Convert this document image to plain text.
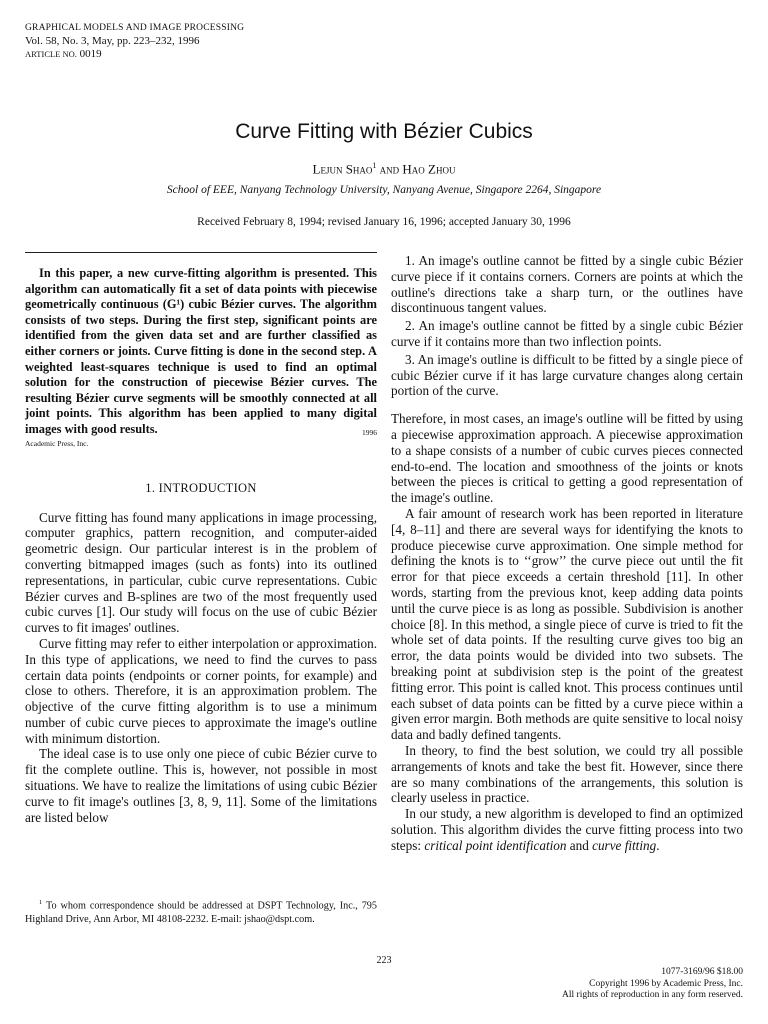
GRAPHICAL MODELS AND IMAGE PROCESSING
Vol. 58, No. 3, May, pp. 223–232, 1996
ARTICLE NO. 0019
Curve Fitting with Bézier Cubics
Lejun Shao$^1$ and Hao Zhou
School of EEE, Nanyang Technology University, Nanyang Avenue, Singapore 2264, Singapore
Received February 8, 1994; revised January 16, 1996; accepted January 30, 1996
In this paper, a new curve-fitting algorithm is presented. This algorithm can automatically fit a set of data points with piecewise geometrically continuous (G¹) cubic Bézier curves. The algorithm consists of two steps. During the first step, significant points are identified from the given data set and are further classified as either corners or joints. Curve fitting is done in the second step. A weighted least-squares technique is used to find an optimal solution for the construction of piecewise Bézier curves. The resulting Bézier curve segments will be smoothly connected at all joint points. This algorithm has been applied to many digital images with good results.	1996
Academic Press, Inc.
1. INTRODUCTION

Curve fitting has found many applications in image processing, computer graphics, pattern recognition, and computer-aided geometric design. Our particular interest is in the problem of converting bitmapped images (such as fonts) into its outlined representations, in particular, cubic curve representations. Cubic Bézier curves and B-splines are two of the most frequently used cubic curves [1]. Our study will focus on the use of cubic Bézier curves to fit images' outlines.

Curve fitting may refer to either interpolation or approximation. In this type of applications, we need to find the curves to pass certain data points (endpoints or corner points, for example) and close to others. Therefore, it is an approximation problem. The objective of the curve fitting algorithm is to use a minimum number of cubic curve pieces to approximate the image's outline with minimum distortion.

The ideal case is to use only one piece of cubic Bézier curve to fit the complete outline. This is, however, not possible in most situations. We have to realize the limitations of using cubic Bézier curve to fit image's outlines [3, 8, 9, 11]. Some of the limitations are listed below

$^1$ To whom correspondence should be addressed at DSPT Technology, Inc., 795 Highland Drive, Ann Arbor, MI 48108-2232. E-mail: jshao@dspt.com.

1. An image's outline cannot be fitted by a single cubic Bézier curve piece if it contains corners. Corners are points at which the outline's directions take a sharp turn, or the outlines have discontinuous tangent values.

2. An image's outline cannot be fitted by a single cubic Bézier curve if it contains more than two inflection points.

3. An image's outline is difficult to be fitted by a single piece of cubic Bézier curve if it has large curvature changes along certain portion of the curve.

Therefore, in most cases, an image's outline will be fitted by using a piecewise approximation approach. A piecewise approximation to a shape consists of a number of cubic curves pieces connected end-to-end. The location and smoothness of the joints or knots between the pieces is critical to getting a good representation of the image's outline.

A fair amount of research work has been reported in literature [4, 8–11] and there are several ways for identifying the knots to produce piecewise curve approximation. One simple method for defining the knots is to ‘‘grow’’ the curve piece out until the fit error for that piece exceeds a certain threshold [11]. In other words, starting from the previous knot, keep adding data points until the curve piece is as long as possible. Subdivision is another choice [8]. In this method, a single piece of curve is tried to fit the whole set of data points. If the resulting curve gives too big an error, the data points would be divided into two subsets. The breaking point at subdivision step is the point of the greatest fitting error. This point is called knot. This process continues until each subset of data points can be fitted by a curve piece within a given error margin. Both methods are quite sensitive to local noisy data and badly defined tangents.

In theory, to find the best solution, we could try all possible arrangements of knots and take the best fit. However, since there are so many combinations of the arrangements, this solution is clearly useless in practice.

In our study, a new algorithm is developed to find an optimized solution. This algorithm divides the curve fitting process into two steps: critical point identification and curve fitting.

223
1077-3169/96 $18.00
Copyright 1996 by Academic Press, Inc.
All rights of reproduction in any form reserved.
